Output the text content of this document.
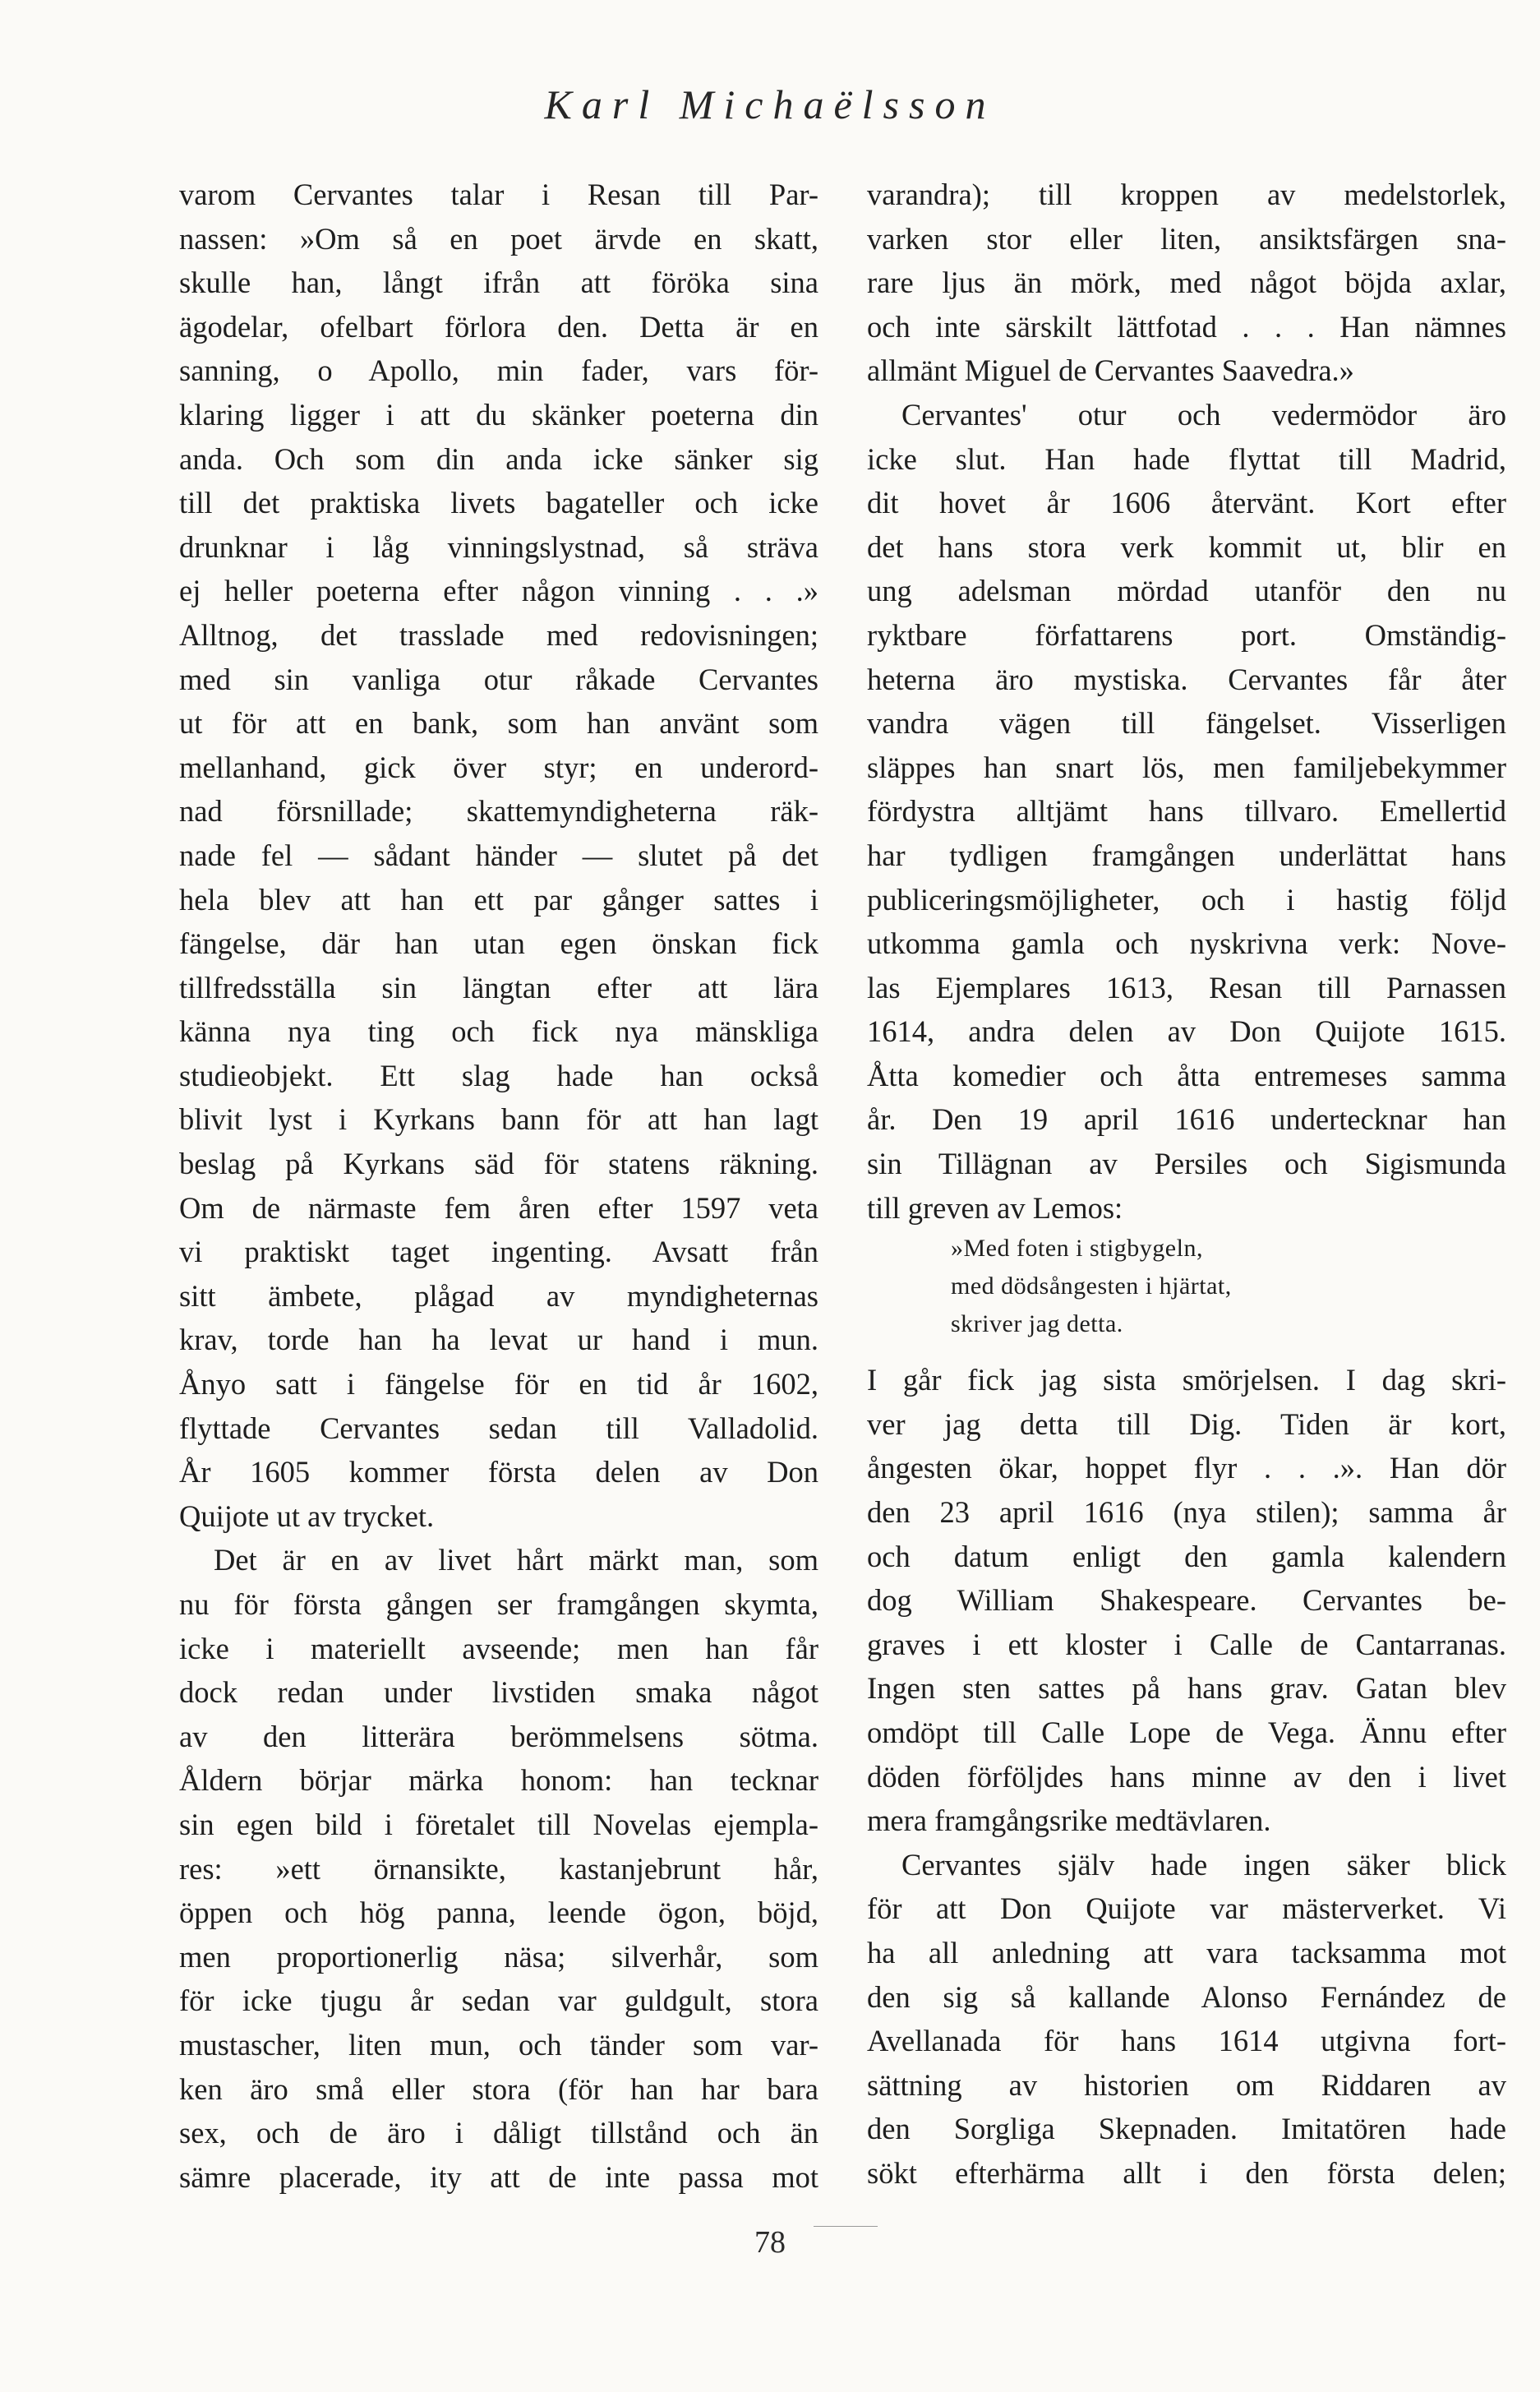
Karl Michaëlsson
varom Cervantes talar i Resan till Par-
nassen: »Om så en poet ärvde en skatt,
skulle han, långt ifrån att föröka sina
ägodelar, ofelbart förlora den. Detta är en
sanning, o Apollo, min fader, vars för-
klaring ligger i att du skänker poeterna din
anda. Och som din anda icke sänker sig
till det praktiska livets bagateller och icke
drunknar i låg vinningslystnad, så sträva
ej heller poeterna efter någon vinning . . .»
Alltnog, det trasslade med redovisningen;
med sin vanliga otur råkade Cervantes
ut för att en bank, som han använt som
mellanhand, gick över styr; en underord-
nad försnillade; skattemyndigheterna räk-
nade fel — sådant händer — slutet på det
hela blev att han ett par gånger sattes i
fängelse, där han utan egen önskan fick
tillfredsställa sin längtan efter att lära
känna nya ting och fick nya mänskliga
studieobjekt. Ett slag hade han också
blivit lyst i Kyrkans bann för att han lagt
beslag på Kyrkans säd för statens räkning.
Om de närmaste fem åren efter 1597 veta
vi praktiskt taget ingenting. Avsatt från
sitt ämbete, plågad av myndigheternas
krav, torde han ha levat ur hand i mun.
Ånyo satt i fängelse för en tid år 1602,
flyttade Cervantes sedan till Valladolid.
År 1605 kommer första delen av Don
Quijote ut av trycket.
Det är en av livet hårt märkt man, som
nu för första gången ser framgången skymta,
icke i materiellt avseende; men han får
dock redan under livstiden smaka något
av den litterära berömmelsens sötma.
Åldern börjar märka honom: han tecknar
sin egen bild i företalet till Novelas ejempla-
res: »ett örnansikte, kastanjebrunt hår,
öppen och hög panna, leende ögon, böjd,
men proportionerlig näsa; silverhår, som
för icke tjugu år sedan var guldgult, stora
mustascher, liten mun, och tänder som var-
ken äro små eller stora (för han har bara
sex, och de äro i dåligt tillstånd och än
sämre placerade, ity att de inte passa mot
varandra); till kroppen av medelstorlek,
varken stor eller liten, ansiktsfärgen sna-
rare ljus än mörk, med något böjda axlar,
och inte särskilt lättfotad . . . Han nämnes
allmänt Miguel de Cervantes Saavedra.»
Cervantes' otur och vedermödor äro
icke slut. Han hade flyttat till Madrid,
dit hovet år 1606 återvänt. Kort efter
det hans stora verk kommit ut, blir en
ung adelsman mördad utanför den nu
ryktbare författarens port. Omständig-
heterna äro mystiska. Cervantes får åter
vandra vägen till fängelset. Visserligen
släppes han snart lös, men familjebekymmer
fördystra alltjämt hans tillvaro. Emellertid
har tydligen framgången underlättat hans
publiceringsmöjligheter, och i hastig följd
utkomma gamla och nyskrivna verk: Nove-
las Ejemplares 1613, Resan till Parnassen
1614, andra delen av Don Quijote 1615.
Åtta komedier och åtta entremeses samma
år. Den 19 april 1616 undertecknar han
sin Tillägnan av Persiles och Sigismunda
till greven av Lemos:
»Med foten i stigbygeln,
med dödsångesten i hjärtat,
skriver jag detta.
I går fick jag sista smörjelsen. I dag skri-
ver jag detta till Dig. Tiden är kort,
ångesten ökar, hoppet flyr . . .». Han dör
den 23 april 1616 (nya stilen); samma år
och datum enligt den gamla kalendern
dog William Shakespeare. Cervantes be-
graves i ett kloster i Calle de Cantarranas.
Ingen sten sattes på hans grav. Gatan blev
omdöpt till Calle Lope de Vega. Ännu efter
döden förföljdes hans minne av den i livet
mera framgångsrike medtävlaren.
Cervantes själv hade ingen säker blick
för att Don Quijote var mästerverket. Vi
ha all anledning att vara tacksamma mot
den sig så kallande Alonso Fernández de
Avellanada för hans 1614 utgivna fort-
sättning av historien om Riddaren av
den Sorgliga Skepnaden. Imitatören hade
sökt efterhärma allt i den första delen;
78
